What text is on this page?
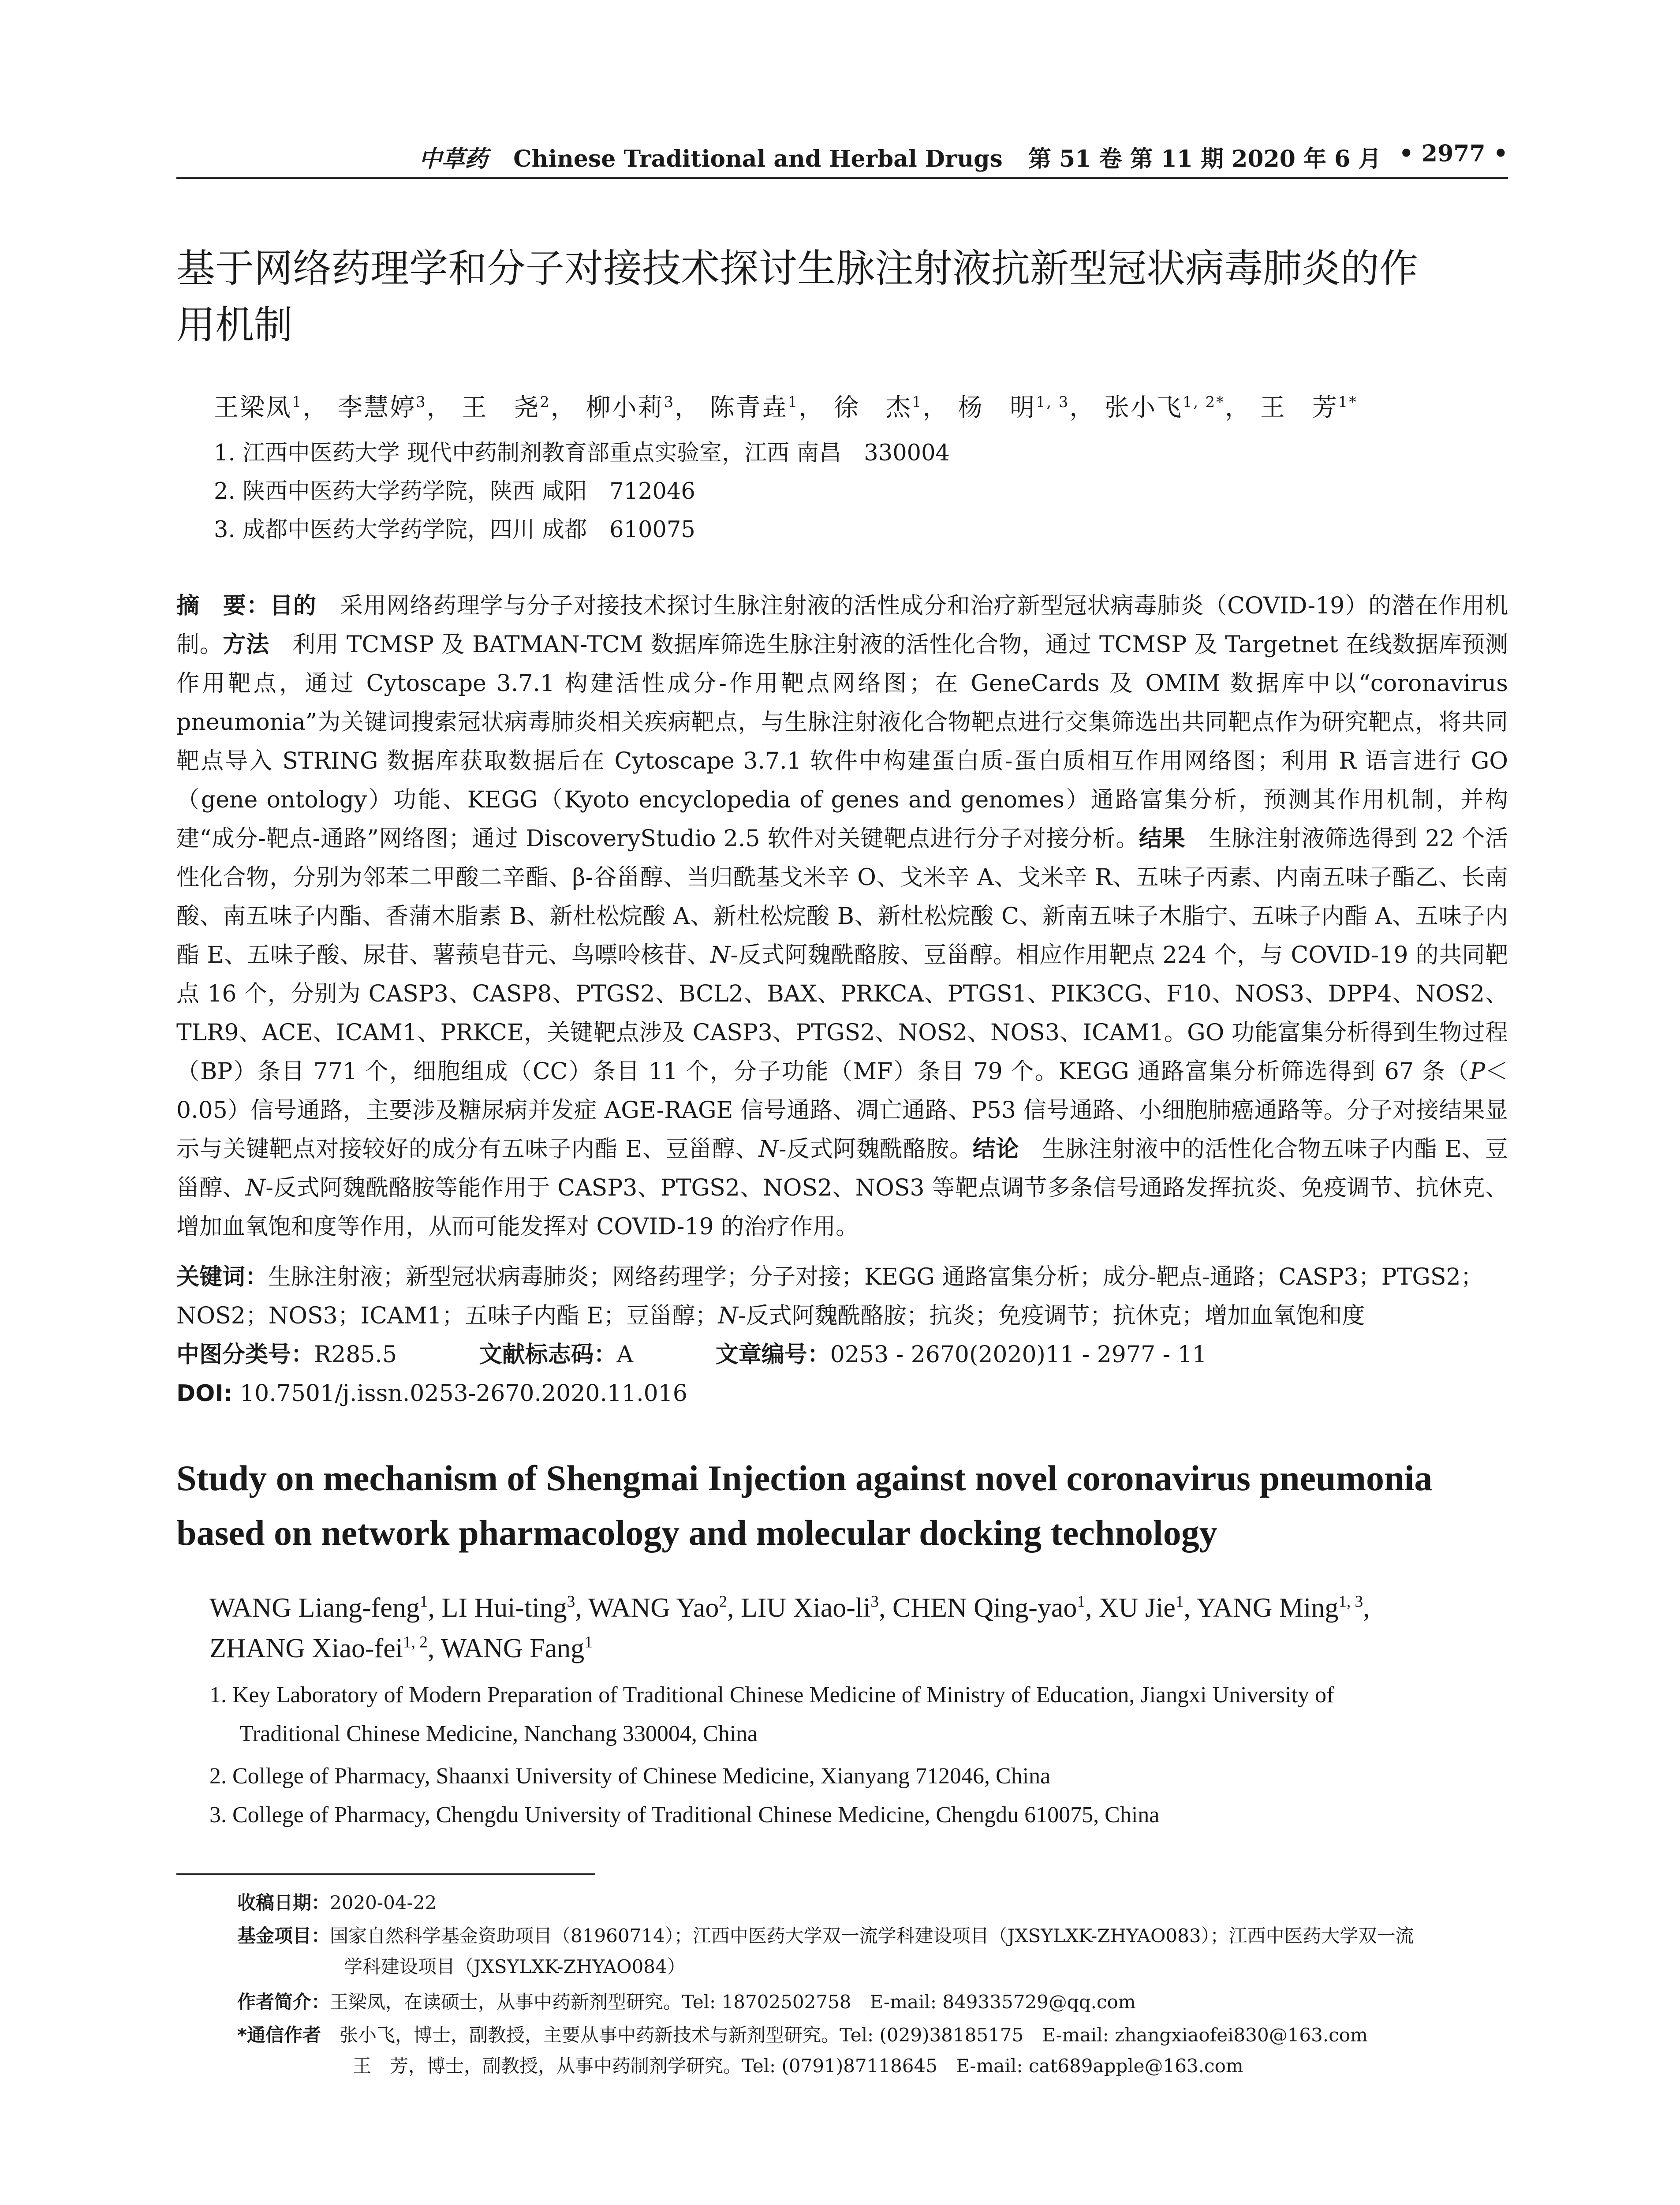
中草药 Chinese Traditional and Herbal Drugs 第 51 卷 第 11 期 2020 年 6 月 • 2977 •
基于网络药理学和分子对接技术探讨生脉注射液抗新型冠状病毒肺炎的作
用机制
王梁凤$^1$， 李慧婷$^3$， 王　尧$^2$， 柳小莉$^3$， 陈青垚$^1$， 徐　杰$^1$， 杨　明$^{1, 3}$， 张小飞$^{1, 2*}$， 王　芳$^{1*}$
1. 江西中医药大学 现代中药制剂教育部重点实验室，江西 南昌　330004
2. 陕西中医药大学药学院，陕西 咸阳　712046
3. 成都中医药大学药学院，四川 成都　610075
摘　要：目的　采用网络药理学与分子对接技术探讨生脉注射液的活性成分和治疗新型冠状病毒肺炎（COVID-19）的潜在作用机制。方法　利用 TCMSP 及 BATMAN-TCM 数据库筛选生脉注射液的活性化合物，通过 TCMSP 及 Targetnet 在线数据库预测作用靶点，通过 Cytoscape 3.7.1 构建活性成分-作用靶点网络图；在 GeneCards 及 OMIM 数据库中以“coronavirus pneumonia”为关键词搜索冠状病毒肺炎相关疾病靶点，与生脉注射液化合物靶点进行交集筛选出共同靶点作为研究靶点，将共同靶点导入 STRING 数据库获取数据后在 Cytoscape 3.7.1 软件中构建蛋白质-蛋白质相互作用网络图；利用 R 语言进行 GO（gene ontology）功能、KEGG（Kyoto encyclopedia of genes and genomes）通路富集分析，预测其作用机制，并构建“成分-靶点-通路”网络图；通过 DiscoveryStudio 2.5 软件对关键靶点进行分子对接分析。结果　生脉注射液筛选得到 22 个活性化合物，分别为邻苯二甲酸二辛酯、β-谷甾醇、当归酰基戈米辛 O、戈米辛 A、戈米辛 R、五味子丙素、内南五味子酯乙、长南酸、南五味子内酯、香蒲木脂素 B、新杜松烷酸 A、新杜松烷酸 B、新杜松烷酸 C、新南五味子木脂宁、五味子内酯 A、五味子内酯 E、五味子酸、尿苷、薯蓣皂苷元、鸟嘌呤核苷、N-反式阿魏酰酪胺、豆甾醇。相应作用靶点 224 个，与 COVID-19 的共同靶点 16 个，分别为 CASP3、CASP8、PTGS2、BCL2、BAX、PRKCA、PTGS1、PIK3CG、F10、NOS3、DPP4、NOS2、TLR9、ACE、ICAM1、PRKCE，关键靶点涉及 CASP3、PTGS2、NOS2、NOS3、ICAM1。GO 功能富集分析得到生物过程（BP）条目 771 个，细胞组成（CC）条目 11 个，分子功能（MF）条目 79 个。KEGG 通路富集分析筛选得到 67 条（P＜0.05）信号通路，主要涉及糖尿病并发症 AGE-RAGE 信号通路、凋亡通路、P53 信号通路、小细胞肺癌通路等。分子对接结果显示与关键靶点对接较好的成分有五味子内酯 E、豆甾醇、N-反式阿魏酰酪胺。结论　生脉注射液中的活性化合物五味子内酯 E、豆甾醇、N-反式阿魏酰酪胺等能作用于 CASP3、PTGS2、NOS2、NOS3 等靶点调节多条信号通路发挥抗炎、免疫调节、抗休克、增加血氧饱和度等作用，从而可能发挥对 COVID-19 的治疗作用。
关键词：生脉注射液；新型冠状病毒肺炎；网络药理学；分子对接；KEGG 通路富集分析；成分-靶点-通路；CASP3；PTGS2；
NOS2；NOS3；ICAM1；五味子内酯 E；豆甾醇；N-反式阿魏酰酪胺；抗炎；免疫调节；抗休克；增加血氧饱和度
中图分类号：R285.5	文献标志码：A	文章编号：0253 - 2670(2020)11 - 2977 - 11
DOI: 10.7501/j.issn.0253-2670.2020.11.016
Study on mechanism of Shengmai Injection against novel coronavirus pneumonia
based on network pharmacology and molecular docking technology
WANG Liang-feng$^1$, LI Hui-ting$^3$, WANG Yao$^2$, LIU Xiao-$li^3$, CHEN Qing-yao$^1$, XU Jie$^1$, YANG Ming$^{1, 3}$,
ZHANG Xiao-fei$^{1, 2}$, WANG Fang$^1$
1. Key Laboratory of Modern Preparation of Traditional Chinese Medicine of Ministry of Education, Jiangxi University of
Traditional Chinese Medicine, Nanchang 330004, China
2. College of Pharmacy, Shaanxi University of Chinese Medicine, Xianyang 712046, China
3. College of Pharmacy, Chengdu University of Traditional Chinese Medicine, Chengdu 610075, China
收稿日期：2020-04-22
基金项目：国家自然科学基金资助项目（81960714）；江西中医药大学双一流学科建设项目（JXSYLXK-ZHYAO083）；江西中医药大学双一流
学科建设项目（JXSYLXK-ZHYAO084）
作者简介：王梁凤，在读硕士，从事中药新剂型研究。Tel: 18702502758　E-mail: 849335729@qq.com
*通信作者　 张小飞，博士，副教授，主要从事中药新技术与新剂型研究。Tel: (029)38185175　E-mail: zhangxiaofei830@163.com
王　芳，博士，副教授，从事中药制剂学研究。Tel: (0791)87118645　E-mail: cat689apple@163.com
